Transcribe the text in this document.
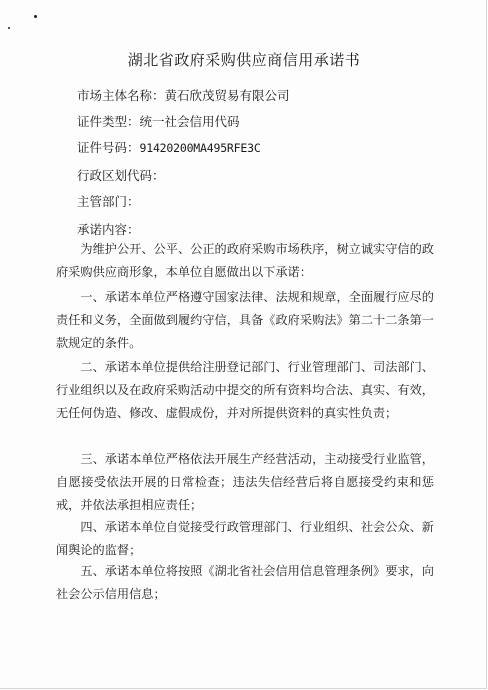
湖北省政府采购供应商信用承诺书
市场主体名称：黄石欣茂贸易有限公司
证件类型：统一社会信用代码
证件号码：91420200MA495RFE3C
行政区划代码：
主管部门：
承诺内容：

为维护公开、公平、公正的政府采购市场秩序，树立诚实守信的政府采购供应商形象，本单位自愿做出以下承诺：

一、承诺本单位严格遵守国家法律、法规和规章，全面履行应尽的责任和义务，全面做到履约守信，具备《政府采购法》第二十二条第一款规定的条件。

二、承诺本单位提供给注册登记部门、行业管理部门、司法部门、行业组织以及在政府采购活动中提交的所有资料均合法、真实、有效，无任何伪造、修改、虚假成份，并对所提供资料的真实性负责；

三、承诺本单位严格依法开展生产经营活动，主动接受行业监管，自愿接受依法开展的日常检查；违法失信经营后将自愿接受约束和惩戒，并依法承担相应责任；

四、承诺本单位自觉接受行政管理部门、行业组织、社会公众、新闻舆论的监督；

五、承诺本单位将按照《湖北省社会信用信息管理条例》要求，向社会公示信用信息；
